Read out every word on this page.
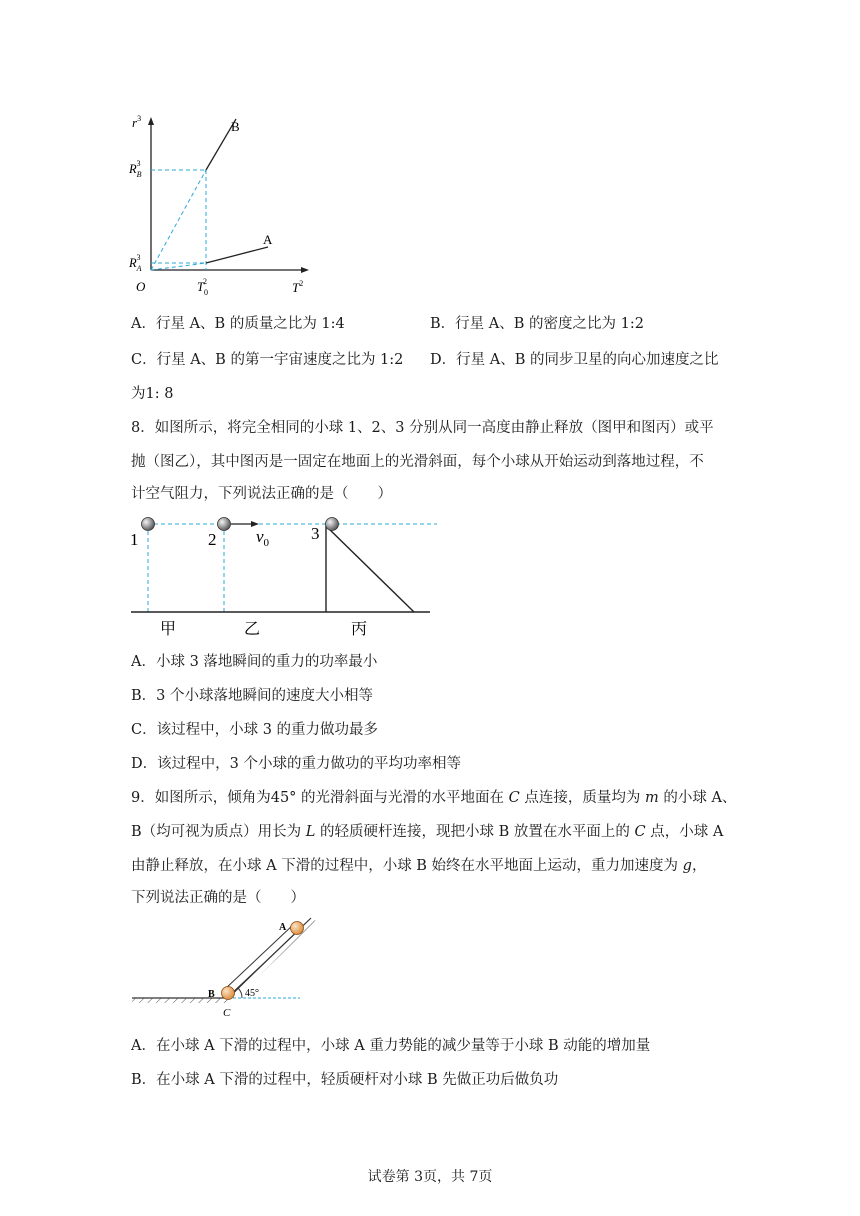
$r^3$
$T^2$
O
$R_B3$
$R_A3$
$T_02$
B
A
A．行星 A、B 的质量之比为 1:4	B．行星 A、B 的密度之比为 1:2
C．行星 A、B 的第一宇宙速度之比为 1:2 D．行星 A、B 的同步卫星的向心加速度之比
为1: 8
8．如图所示，将完全相同的小球 1、2、3 分别从同一高度由静止释放（图甲和图丙）或平
抛（图乙），其中图丙是一固定在地面上的光滑斜面，每个小球从开始运动到落地过程，不
计空气阻力，下列说法正确的是（　　）
1	2	3
$v_0$
甲	乙	丙
A．小球 3 落地瞬间的重力的功率最小
B．3 个小球落地瞬间的速度大小相等
C．该过程中，小球 3 的重力做功最多
D．该过程中，3 个小球的重力做功的平均功率相等
9．如图所示，倾角为45° 的光滑斜面与光滑的水平地面在 C 点连接，质量均为 m 的小球 A、
B（均可视为质点）用长为 L 的轻质硬杆连接，现把小球 B 放置在水平面上的 C 点，小球 A
由静止释放，在小球 A 下滑的过程中，小球 B 始终在水平地面上运动，重力加速度为 g，
下列说法正确的是（　　）
A
B
C
45°
A．在小球 A 下滑的过程中，小球 A 重力势能的减少量等于小球 B 动能的增加量
B．在小球 A 下滑的过程中，轻质硬杆对小球 B 先做正功后做负功
试卷第 3页，共 7页
